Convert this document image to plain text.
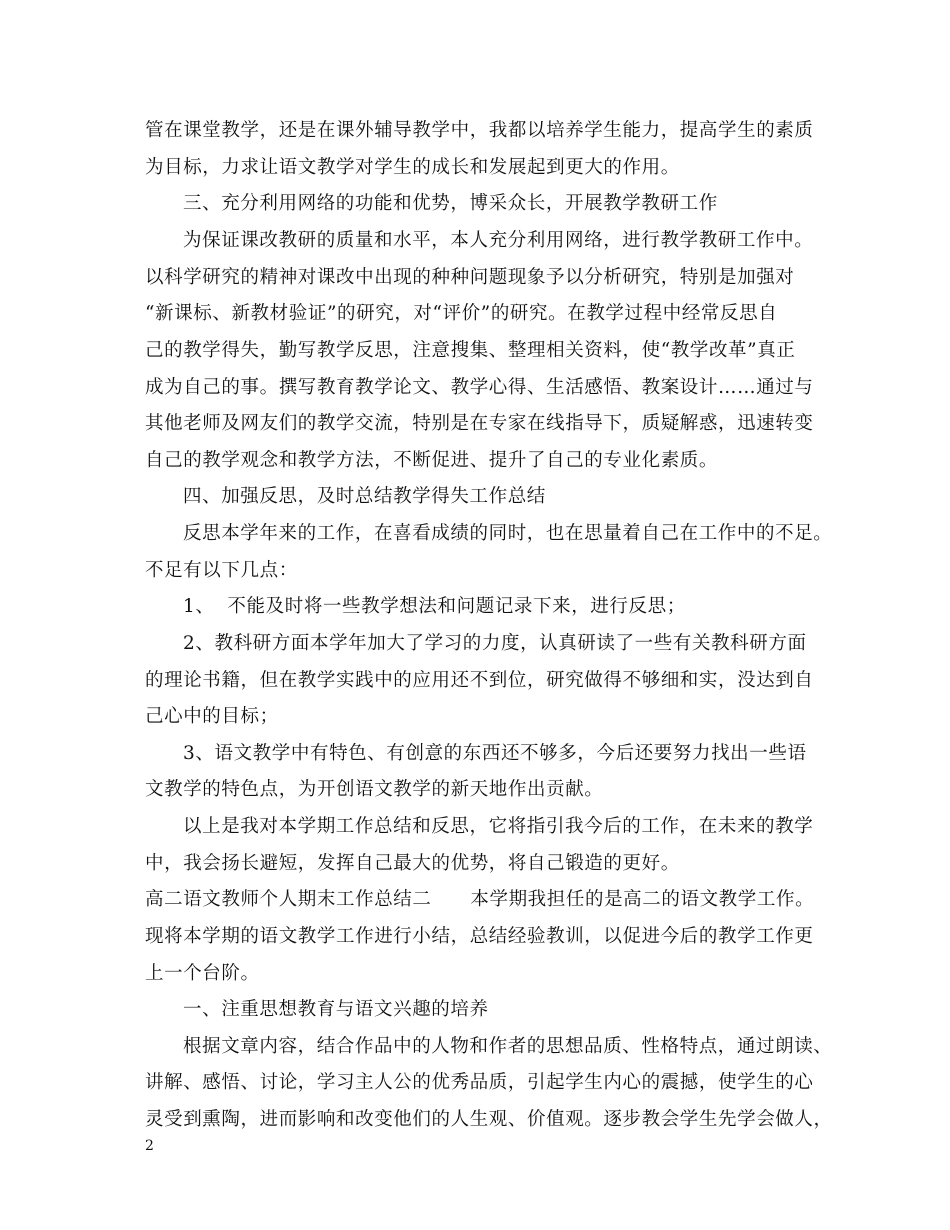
管在课堂教学，还是在课外辅导教学中，我都以培养学生能力，提高学生的素质
为目标，力求让语文教学对学生的成长和发展起到更大的作用。
三、充分利用网络的功能和优势，博采众长，开展教学教研工作
为保证课改教研的质量和水平，本人充分利用网络，进行教学教研工作中。
以科学研究的精神对课改中出现的种种问题现象予以分析研究，特别是加强对
“新课标、新教材验证”的研究，对“评价”的研究。在教学过程中经常反思自
己的教学得失，勤写教学反思，注意搜集、整理相关资料，使“教学改革”真正
成为自己的事。撰写教育教学论文、教学心得、生活感悟、教案设计……通过与
其他老师及网友们的教学交流，特别是在专家在线指导下，质疑解惑，迅速转变
自己的教学观念和教学方法，不断促进、提升了自己的专业化素质。
四、加强反思，及时总结教学得失工作总结
反思本学年来的工作，在喜看成绩的同时，也在思量着自己在工作中的不足。
不足有以下几点：
1、  不能及时将一些教学想法和问题记录下来，进行反思；
2、教科研方面本学年加大了学习的力度，认真研读了一些有关教科研方面
的理论书籍，但在教学实践中的应用还不到位，研究做得不够细和实，没达到自
己心中的目标；
3、语文教学中有特色、有创意的东西还不够多，今后还要努力找出一些语
文教学的特色点，为开创语文教学的新天地作出贡献。
以上是我对本学期工作总结和反思，它将指引我今后的工作，在未来的教学
中，我会扬长避短，发挥自己最大的优势，将自己锻造的更好。
高二语文教师个人期末工作总结二      本学期我担任的是高二的语文教学工作。
现将本学期的语文教学工作进行小结，总结经验教训，以促进今后的教学工作更
上一个台阶。
一、注重思想教育与语文兴趣的培养
根据文章内容，结合作品中的人物和作者的思想品质、性格特点，通过朗读、
讲解、感悟、讨论，学习主人公的优秀品质，引起学生内心的震撼，使学生的心
灵受到熏陶，进而影响和改变他们的人生观、价值观。逐步教会学生先学会做人，
2
